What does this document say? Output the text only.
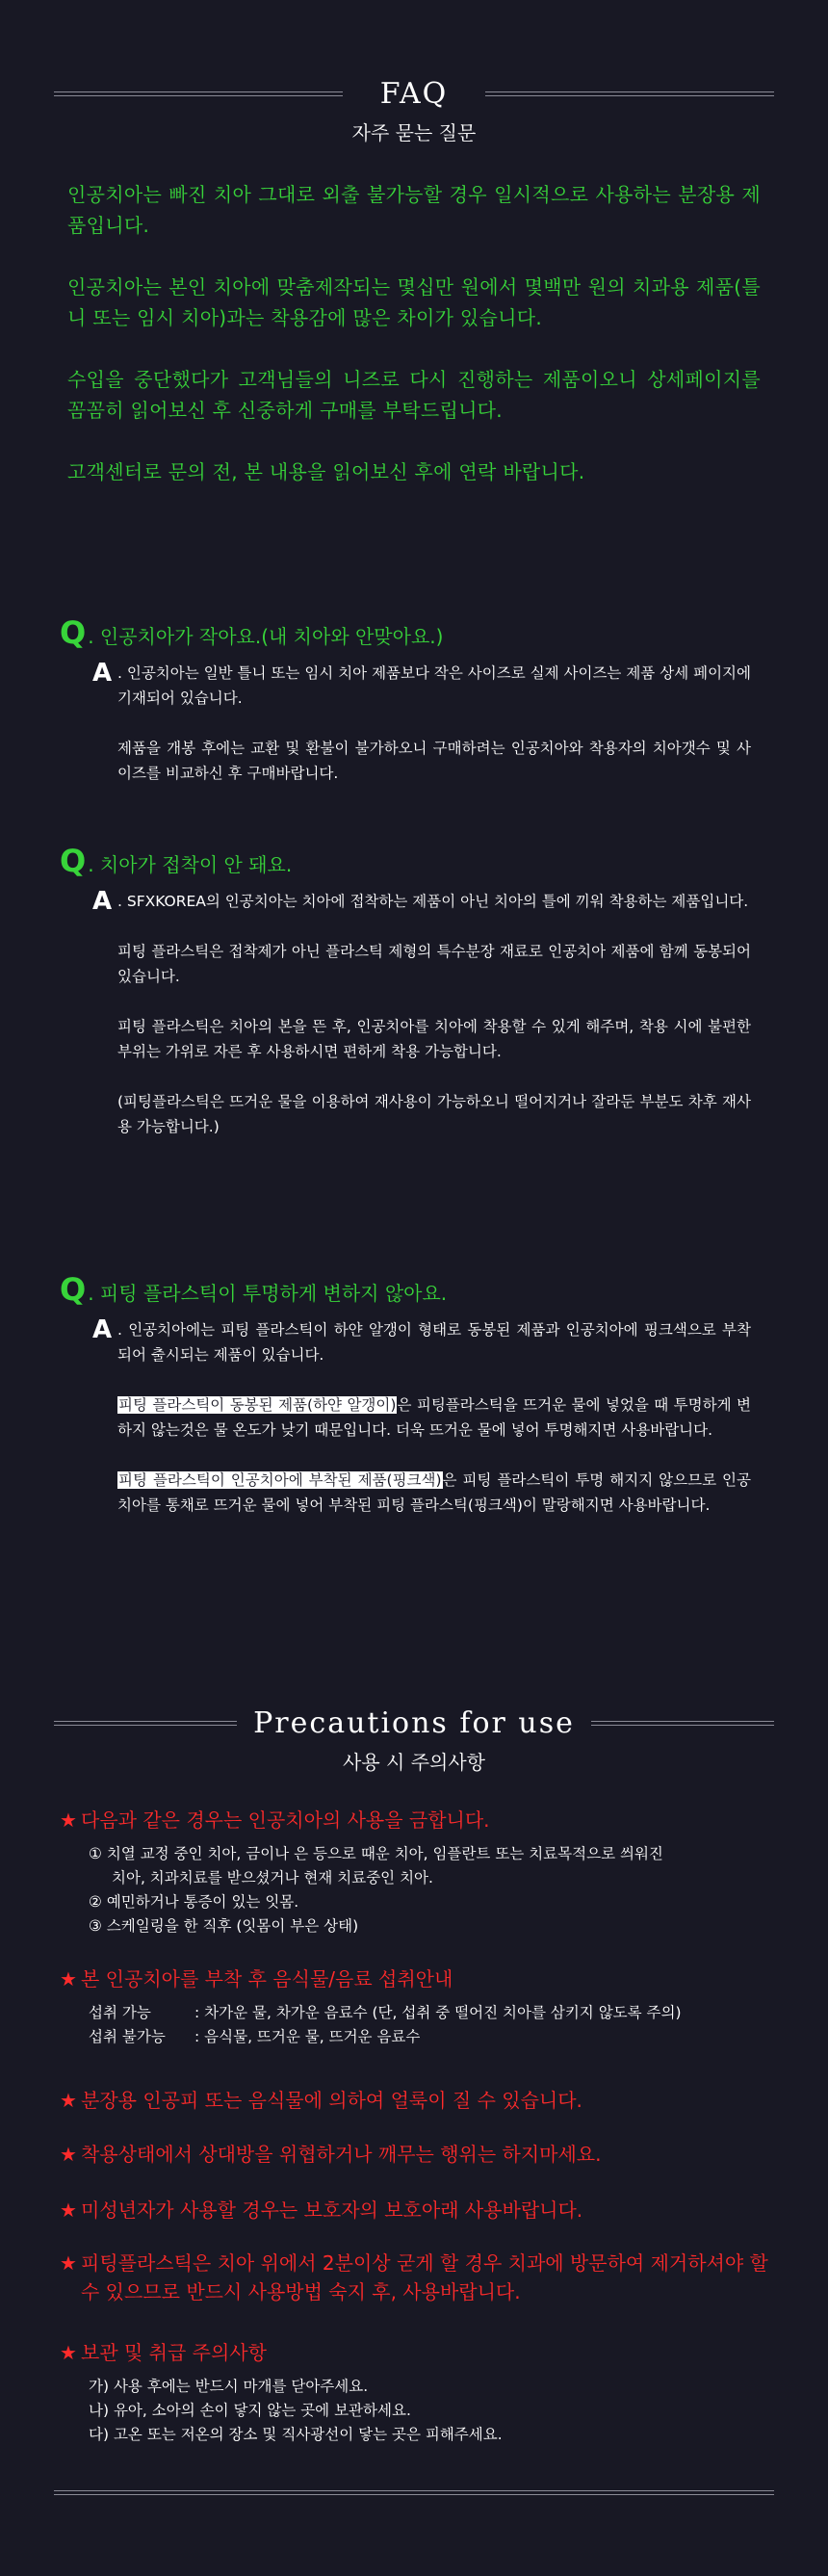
FAQ
자주 묻는 질문

인공치아는 빠진 치아 그대로 외출 불가능할 경우 일시적으로 사용하는 분장용 제품입니다.

인공치아는 본인 치아에 맞춤제작되는 몇십만 원에서 몇백만 원의 치과용 제품(틀니 또는 임시 치아)과는 착용감에 많은 차이가 있습니다.

수입을 중단했다가 고객님들의 니즈로 다시 진행하는 제품이오니 상세페이지를 꼼꼼히 읽어보신 후 신중하게 구매를 부탁드립니다.

고객센터로 문의 전, 본 내용을 읽어보신 후에 연락 바랍니다.

Q . 인공치아가 작아요.(내 치아와 안맞아요.)
A . 인공치아는 일반 틀니 또는 임시 치아 제품보다 작은 사이즈로 실제 사이즈는 제품 상세 페이지에 기재되어 있습니다.

제품을 개봉 후에는 교환 및 환불이 불가하오니 구매하려는 인공치아와 착용자의 치아갯수 및 사이즈를 비교하신 후 구매바랍니다.

Q . 치아가 접착이 안 돼요.
A . SFXKOREA의 인공치아는 치아에 접착하는 제품이 아닌 치아의 틀에 끼워 착용하는 제품입니다.

피팅 플라스틱은 접착제가 아닌 플라스틱 제형의 특수분장 재료로 인공치아 제품에 함께 동봉되어있습니다.

피팅 플라스틱은 치아의 본을 뜬 후, 인공치아를 치아에 착용할 수 있게 해주며, 착용 시에 불편한 부위는 가위로 자른 후 사용하시면 편하게 착용 가능합니다.

(피팅플라스틱은 뜨거운 물을 이용하여 재사용이 가능하오니 떨어지거나 잘라둔 부분도 차후 재사용 가능합니다.)

Q . 피팅 플라스틱이 투명하게 변하지 않아요.
A . 인공치아에는 피팅 플라스틱이 하얀 알갱이 형태로 동봉된 제품과 인공치아에 핑크색으로 부착되어 출시되는 제품이 있습니다.

피팅 플라스틱이 동봉된 제품(하얀 알갱이)은 피팅플라스틱을 뜨거운 물에 넣었을 때 투명하게 변하지 않는것은 물 온도가 낮기 때문입니다. 더욱 뜨거운 물에 넣어 투명해지면 사용바랍니다.

피팅 플라스틱이 인공치아에 부착된 제품(핑크색)은 피팅 플라스틱이 투명 해지지 않으므로 인공치아를 통채로 뜨거운 물에 넣어 부착된 피팅 플라스틱(핑크색)이 말랑해지면 사용바랍니다.

Precautions for use
사용 시 주의사항
★ 다음과 같은 경우는 인공치아의 사용을 금합니다.
① 치열 교정 중인 치아, 금이나 은 등으로 때운 치아, 임플란트 또는 치료목적으로 씌워진
치아, 치과치료를 받으셨거나 현재 치료중인 치아.
② 예민하거나 통증이 있는 잇몸.
③ 스케일링을 한 직후 (잇몸이 부은 상태)
★ 본 인공치아를 부착 후 음식물/음료 섭취안내
섭취 가능	: 차가운 물, 차가운 음료수 (단, 섭취 중 떨어진 치아를 삼키지 않도록 주의)
섭취 불가능	: 음식물, 뜨거운 물, 뜨거운 음료수
★ 분장용 인공피 또는 음식물에 의하여 얼룩이 질 수 있습니다.
★ 착용상태에서 상대방을 위협하거나 깨무는 행위는 하지마세요.
★ 미성년자가 사용할 경우는 보호자의 보호아래 사용바랍니다.
★ 피팅플라스틱은 치아 위에서 2분이상 굳게 할 경우 치과에 방문하여 제거하셔야 할 수 있으므로 반드시 사용방법 숙지 후, 사용바랍니다.
★ 보관 및 취급 주의사항
가) 사용 후에는 반드시 마개를 닫아주세요.
나) 유아, 소아의 손이 닿지 않는 곳에 보관하세요.
다) 고온 또는 저온의 장소 및 직사광선이 닿는 곳은 피해주세요.
